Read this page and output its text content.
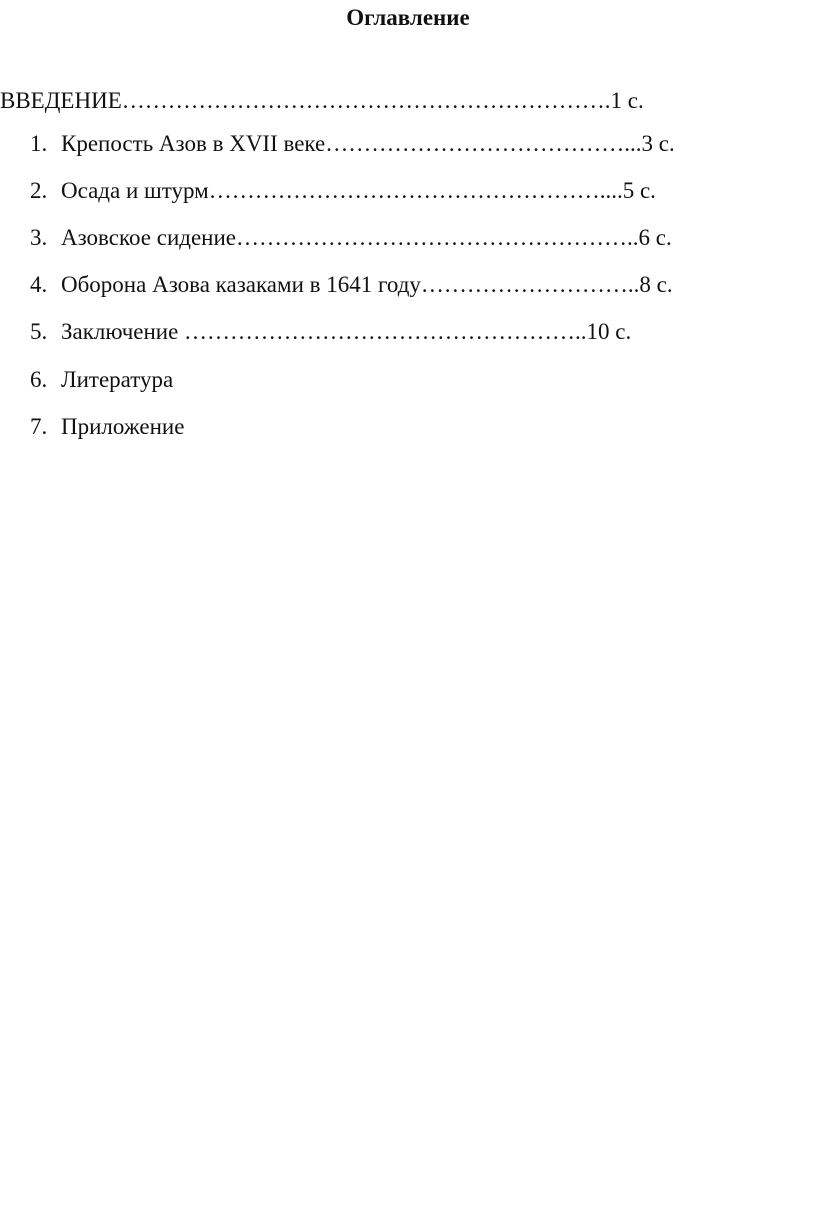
Оглавление
ВВЕДЕНИЕ……………………………………………………….1 с.
1. Крепость Азов в XVII веке…………………………………...3 с.
2. Осада и штурм……………………………………………....5 с.
3. Азовское сидение……………………………………………..6 с.
4. Оборона Азова казаками в 1641 году………………………..8 с.
5. Заключение ……………………………………………..10 с.
6. Литература
7. Приложение
